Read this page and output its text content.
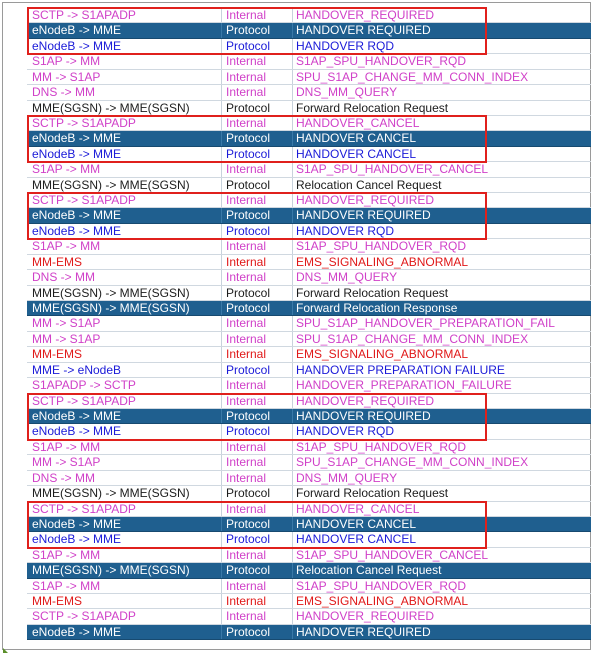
SCTP -> S1APADP	Internal	HANDOVER_REQUIRED
eNodeB -> MME	Protocol	HANDOVER REQUIRED
eNodeB -> MME	Protocol	HANDOVER RQD
S1AP -> MM	Internal	S1AP_SPU_HANDOVER_RQD
MM -> S1AP	Internal	SPU_S1AP_CHANGE_MM_CONN_INDEX
DNS -> MM	Internal	DNS_MM_QUERY
MME(SGSN) -> MME(SGSN)	Protocol	Forward Relocation Request
SCTP -> S1APADP	Internal	HANDOVER_CANCEL
eNodeB -> MME	Protocol	HANDOVER CANCEL
eNodeB -> MME	Protocol	HANDOVER CANCEL
S1AP -> MM	Internal	S1AP_SPU_HANDOVER_CANCEL
MME(SGSN) -> MME(SGSN)	Protocol	Relocation Cancel Request
SCTP -> S1APADP	Internal	HANDOVER_REQUIRED
eNodeB -> MME	Protocol	HANDOVER REQUIRED
eNodeB -> MME	Protocol	HANDOVER RQD
S1AP -> MM	Internal	S1AP_SPU_HANDOVER_RQD
MM-EMS	Internal	EMS_SIGNALING_ABNORMAL
DNS -> MM	Internal	DNS_MM_QUERY
MME(SGSN) -> MME(SGSN)	Protocol	Forward Relocation Request
MME(SGSN) -> MME(SGSN)	Protocol	Forward Relocation Response
MM -> S1AP	Internal	SPU_S1AP_HANDOVER_PREPARATION_FAIL
MM -> S1AP	Internal	SPU_S1AP_CHANGE_MM_CONN_INDEX
MM-EMS	Internal	EMS_SIGNALING_ABNORMAL
MME -> eNodeB	Protocol	HANDOVER PREPARATION FAILURE
S1APADP -> SCTP	Internal	HANDOVER_PREPARATION_FAILURE
SCTP -> S1APADP	Internal	HANDOVER_REQUIRED
eNodeB -> MME	Protocol	HANDOVER REQUIRED
eNodeB -> MME	Protocol	HANDOVER RQD
S1AP -> MM	Internal	S1AP_SPU_HANDOVER_RQD
MM -> S1AP	Internal	SPU_S1AP_CHANGE_MM_CONN_INDEX
DNS -> MM	Internal	DNS_MM_QUERY
MME(SGSN) -> MME(SGSN)	Protocol	Forward Relocation Request
SCTP -> S1APADP	Internal	HANDOVER_CANCEL
eNodeB -> MME	Protocol	HANDOVER CANCEL
eNodeB -> MME	Protocol	HANDOVER CANCEL
S1AP -> MM	Internal	S1AP_SPU_HANDOVER_CANCEL
MME(SGSN) -> MME(SGSN)	Protocol	Relocation Cancel Request
S1AP -> MM	Internal	S1AP_SPU_HANDOVER_RQD
MM-EMS	Internal	EMS_SIGNALING_ABNORMAL
SCTP -> S1APADP	Internal	HANDOVER_REQUIRED
eNodeB -> MME	Protocol	HANDOVER REQUIRED
